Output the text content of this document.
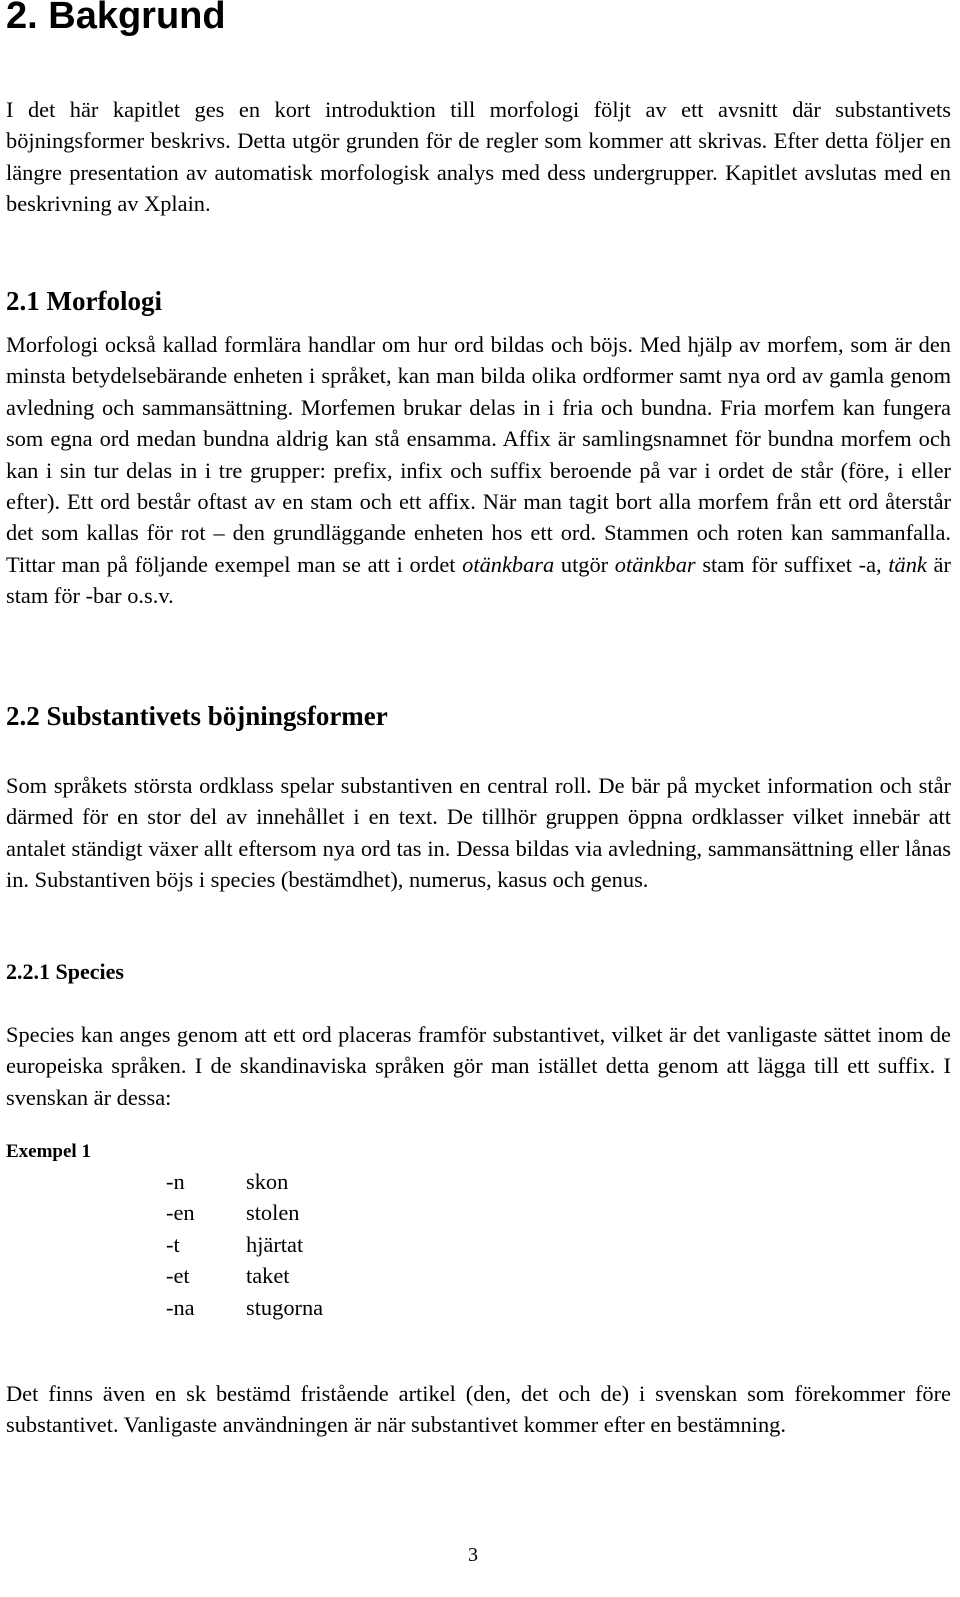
2. Bakgrund

I det här kapitlet ges en kort introduktion till morfologi följt av ett avsnitt där substantivets böjningsformer beskrivs. Detta utgör grunden för de regler som kommer att skrivas. Efter detta följer en längre presentation av automatisk morfologisk analys med dess undergrupper. Kapitlet avslutas med en beskrivning av Xplain.

2.1 Morfologi

Morfologi också kallad formlära handlar om hur ord bildas och böjs. Med hjälp av morfem, som är den minsta betydelsebärande enheten i språket, kan man bilda olika ordformer samt nya ord av gamla genom avledning och sammansättning. Morfemen brukar delas in i fria och bundna. Fria morfem kan fungera som egna ord medan bundna aldrig kan stå ensamma. Affix är samlingsnamnet för bundna morfem och kan i sin tur delas in i tre grupper: prefix, infix och suffix beroende på var i ordet de står (före, i eller efter). Ett ord består oftast av en stam och ett affix. När man tagit bort alla morfem från ett ord återstår det som kallas för rot – den grundläggande enheten hos ett ord. Stammen och roten kan sammanfalla. Tittar man på följande exempel man se att i ordet otänkbara utgör otänkbar stam för suffixet -a, tänk är stam för -bar o.s.v.

2.2 Substantivets böjningsformer

Som språkets största ordklass spelar substantiven en central roll. De bär på mycket information och står därmed för en stor del av innehållet i en text. De tillhör gruppen öppna ordklasser vilket innebär att antalet ständigt växer allt eftersom nya ord tas in. Dessa bildas via avledning, sammansättning eller lånas in. Substantiven böjs i species (bestämdhet), numerus, kasus och genus.

2.2.1 Species

Species kan anges genom att ett ord placeras framför substantivet, vilket är det vanligaste sättet inom de europeiska språken. I de skandinaviska språken gör man istället detta genom att lägga till ett suffix. I svenskan är dessa:

Exempel 1
-n	skon
-en	stolen
-t	hjärtat
-et	taket
-na	stugorna

Det finns även en sk bestämd fristående artikel (den, det och de) i svenskan som förekommer före substantivet. Vanligaste användningen är när substantivet kommer efter en bestämning.

3
